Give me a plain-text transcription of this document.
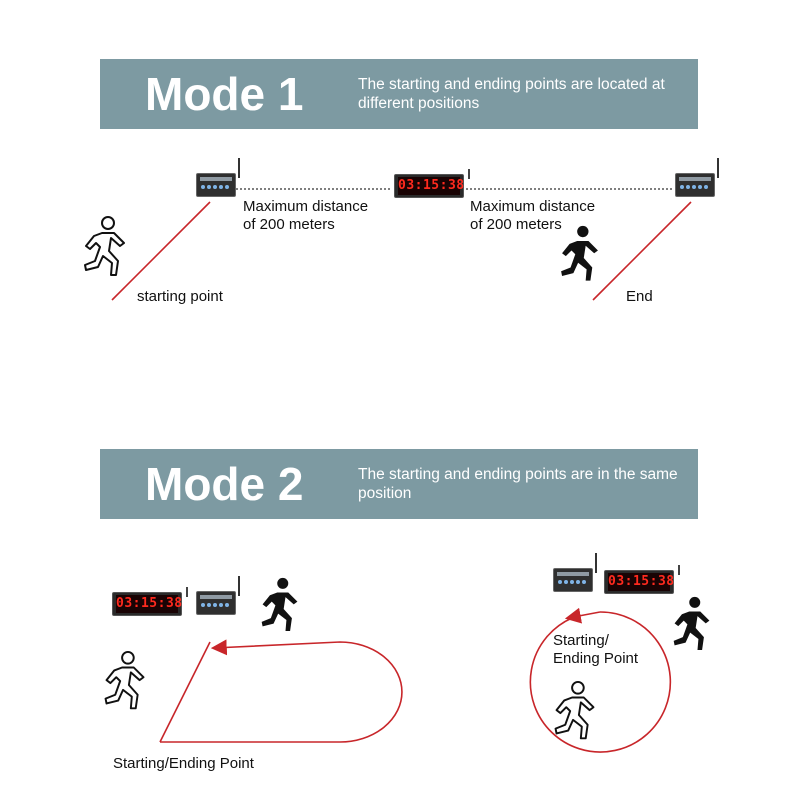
Mode 1	The starting and ending points are located at different positions
03:15:38
Maximum distance
of 200 meters
Maximum distance
of 200 meters
starting point	End
Mode 2	The starting and ending points are in the same position
03:15:38
03:15:38
Starting/Ending Point
Starting/
Ending Point
